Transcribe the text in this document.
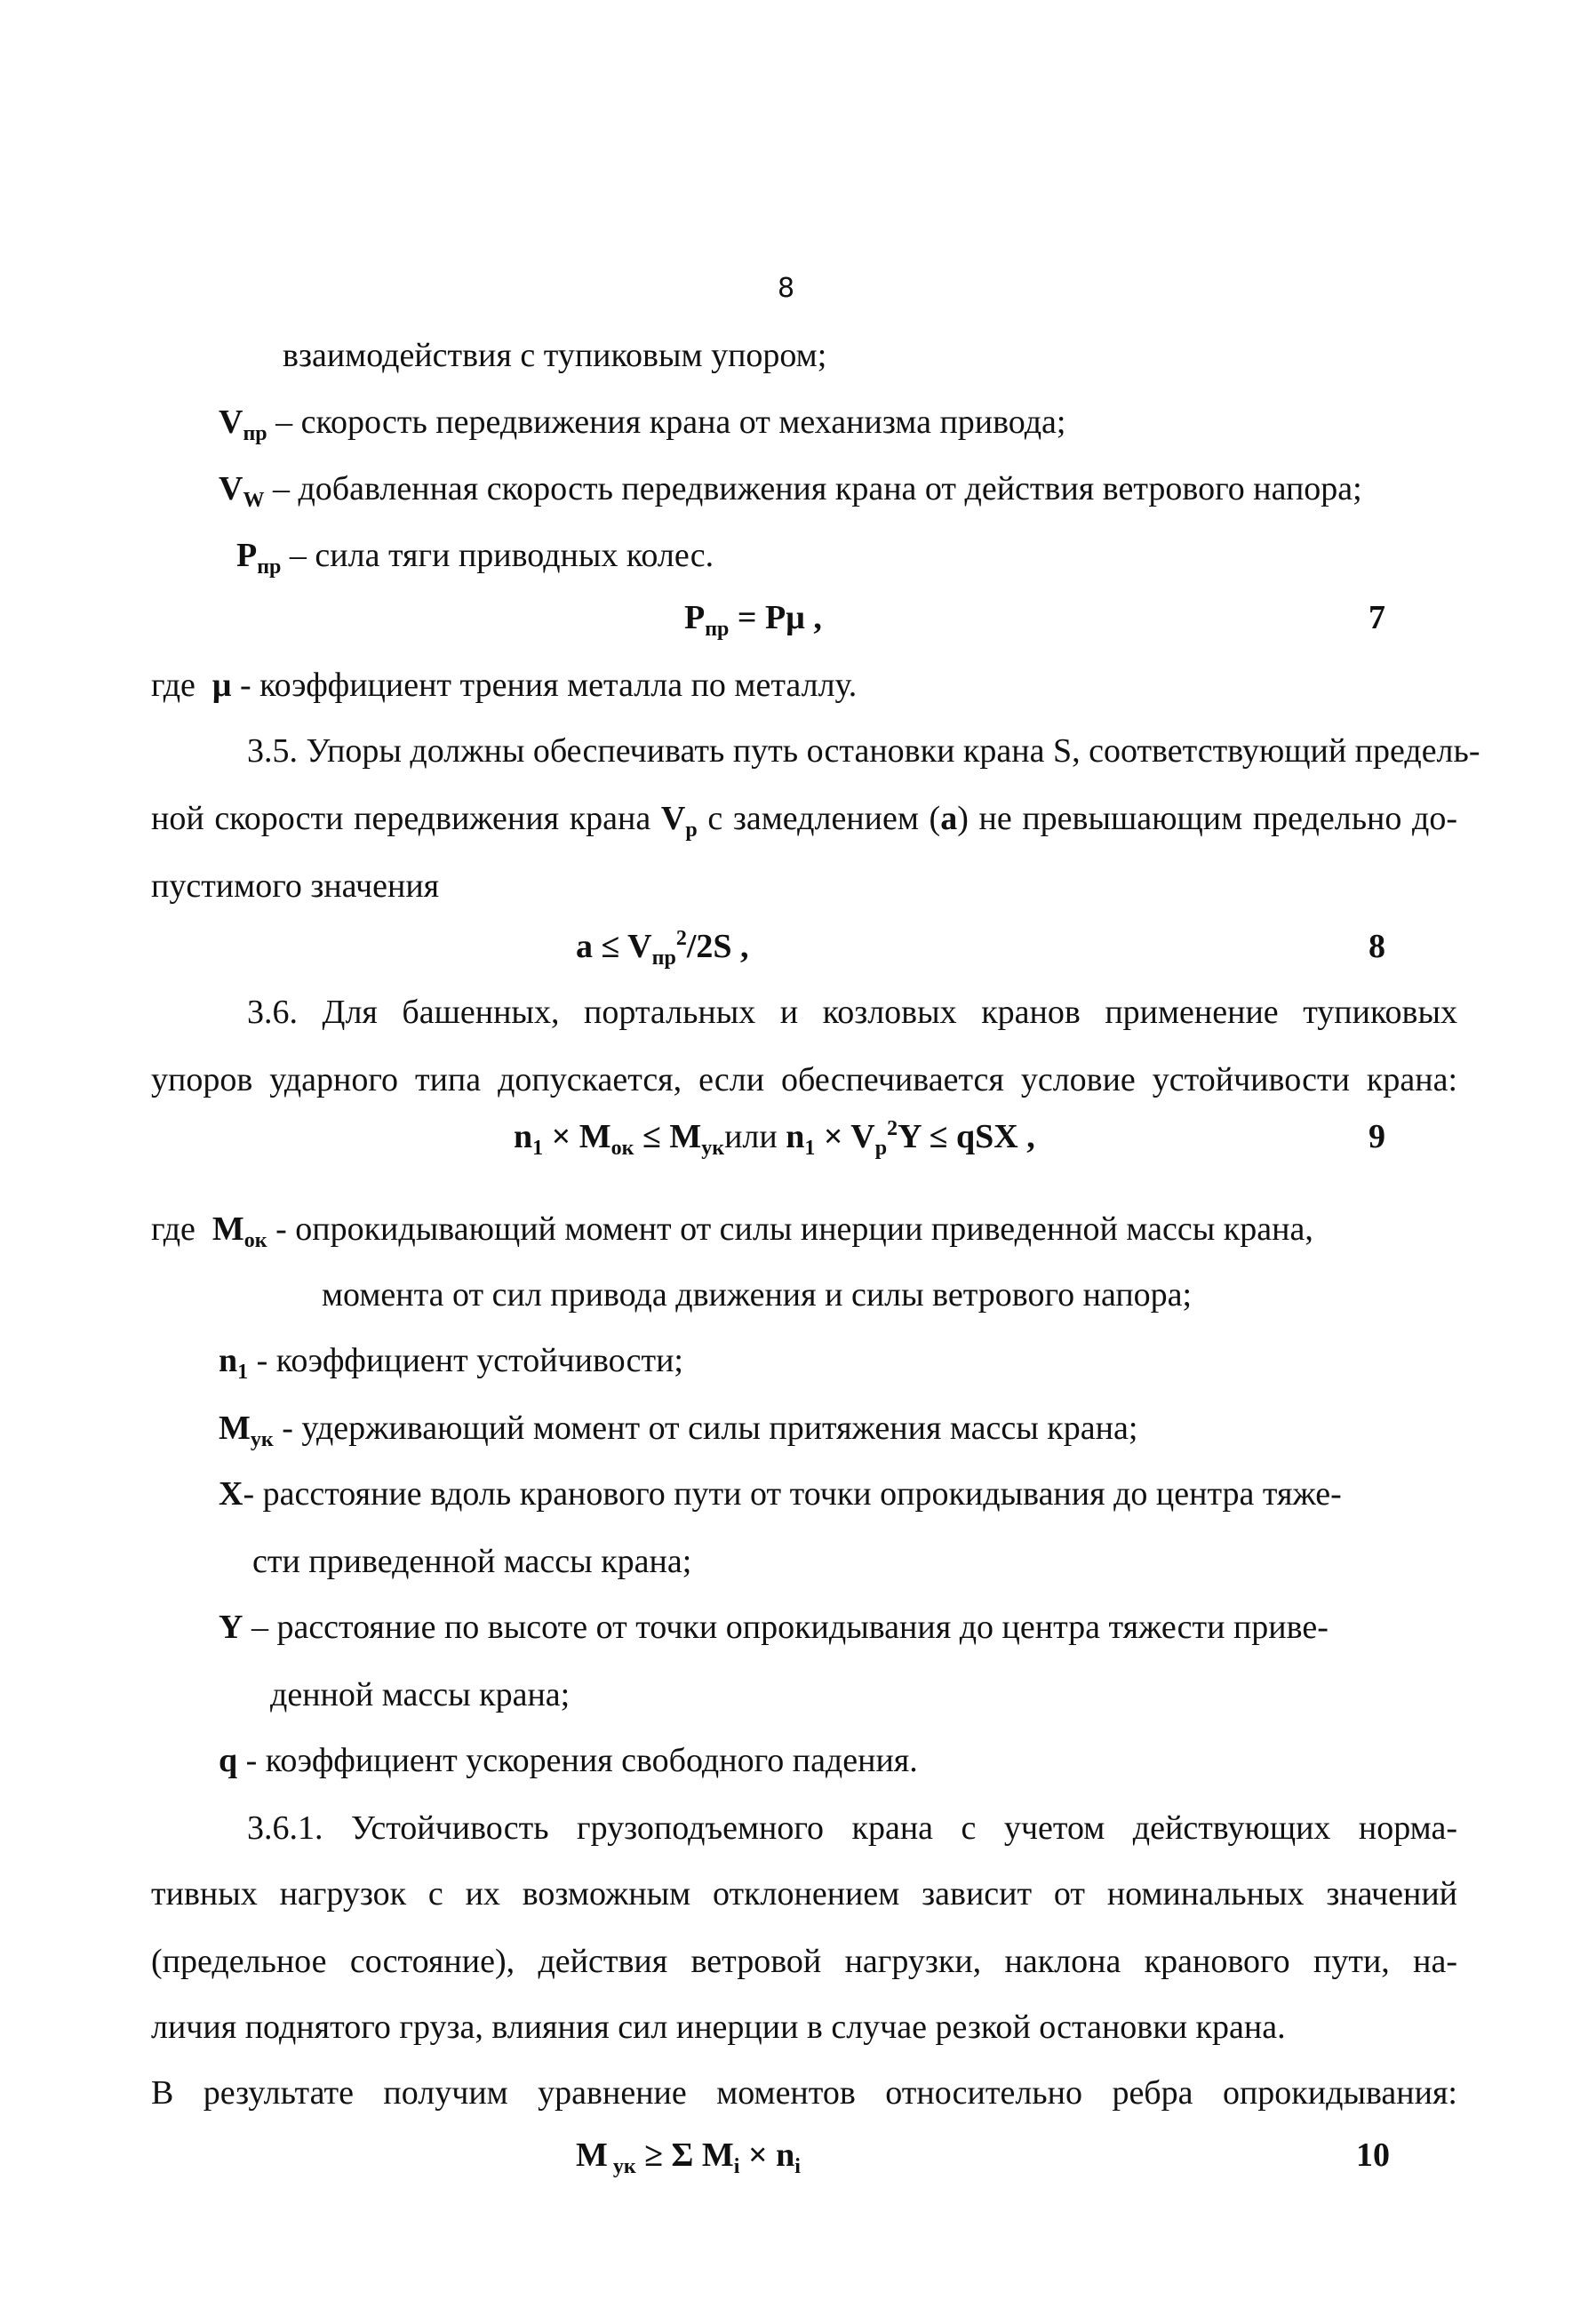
8
взаимодействия с тупиковым упором;
$V_{пр}$ – скорость передвижения крана от механизма привода;
$V_W$ – добавленная скорость передвижения крана от действия ветрового напора;
$P_{пр}$ – сила тяги приводных колес.
$P_{пр} = P\mu$ ,	7
где μ - коэффициент трения металла по металлу.
3.5. Упоры должны обеспечивать путь остановки крана S, соответствующий предель-
ной скорости передвижения крана $V_р$ с замедлением (а) не превышающим предельно до-
пустимого значения
$a \le V_{пр}^2/2S$ ,	8
3.6. Для башенных, портальных и козловых кранов применение тупиковых
упоров ударного типа допускается, если обеспечивается условие устойчивости крана:
$n_1 \times M_{ок} \le M_{ук}или$ $n_1 \times V_р^2Y$ ≤ qSX ,	9
где $M_{ок}$ - опрокидывающий момент от силы инерции приведенной массы крана,
момента от сил привода движения и силы ветрового напора;
$n_1$ - коэффициент устойчивости;
$M_{ук}$ - удерживающий момент от силы притяжения массы крана;
X- расстояние вдоль кранового пути от точки опрокидывания до центра тяже-
сти приведенной массы крана;
Y – расстояние по высоте от точки опрокидывания до центра тяжести приве-
денной массы крана;
q - коэффициент ускорения свободного падения.
3.6.1. Устойчивость грузоподъемного крана с учетом действующих норма-
тивных нагрузок с их возможным отклонением зависит от номинальных значений
(предельное состояние), действия ветровой нагрузки, наклона кранового пути, на-
личия поднятого груза, влияния сил инерции в случае резкой остановки крана.
В результате получим уравнение моментов относительно ребра опрокидывания:
M $_{ук}$ ≥ Σ $M_i \times n_i$	10
